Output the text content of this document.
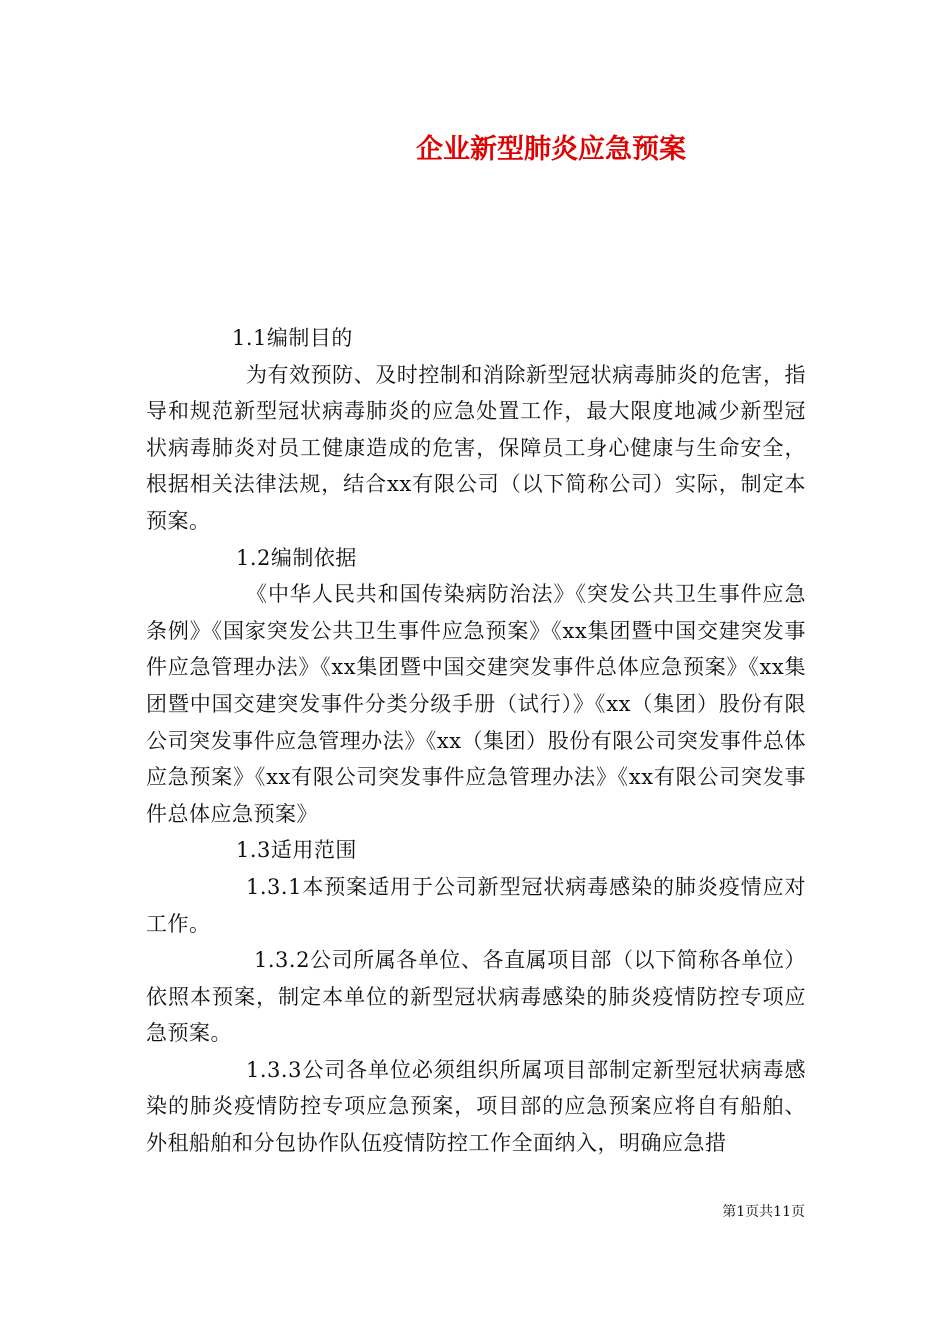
企业新型肺炎应急预案

1.1编制目的

为有效预防、及时控制和消除新型冠状病毒肺炎的危害，指导和规范新型冠状病毒肺炎的应急处置工作，最大限度地减少新型冠状病毒肺炎对员工健康造成的危害，保障员工身心健康与生命安全，根据相关法律法规，结合xx有限公司（以下简称公司）实际，制定本预案。

1.2编制依据

《中华人民共和国传染病防治法》《突发公共卫生事件应急条例》《国家突发公共卫生事件应急预案》《xx集团暨中国交建突发事件应急管理办法》《xx集团暨中国交建突发事件总体应急预案》《xx集团暨中国交建突发事件分类分级手册（试行）》《xx（集团）股份有限公司突发事件应急管理办法》《xx（集团）股份有限公司突发事件总体应急预案》《xx有限公司突发事件应急管理办法》《xx有限公司突发事件总体应急预案》

1.3适用范围

1.3.1本预案适用于公司新型冠状病毒感染的肺炎疫情应对工作。

1.3.2公司所属各单位、各直属项目部（以下简称各单位）依照本预案，制定本单位的新型冠状病毒感染的肺炎疫情防控专项应急预案。

1.3.3公司各单位必须组织所属项目部制定新型冠状病毒感染的肺炎疫情防控专项应急预案，项目部的应急预案应将自有船舶、外租船舶和分包协作队伍疫情防控工作全面纳入，明确应急措

第1页共11页
